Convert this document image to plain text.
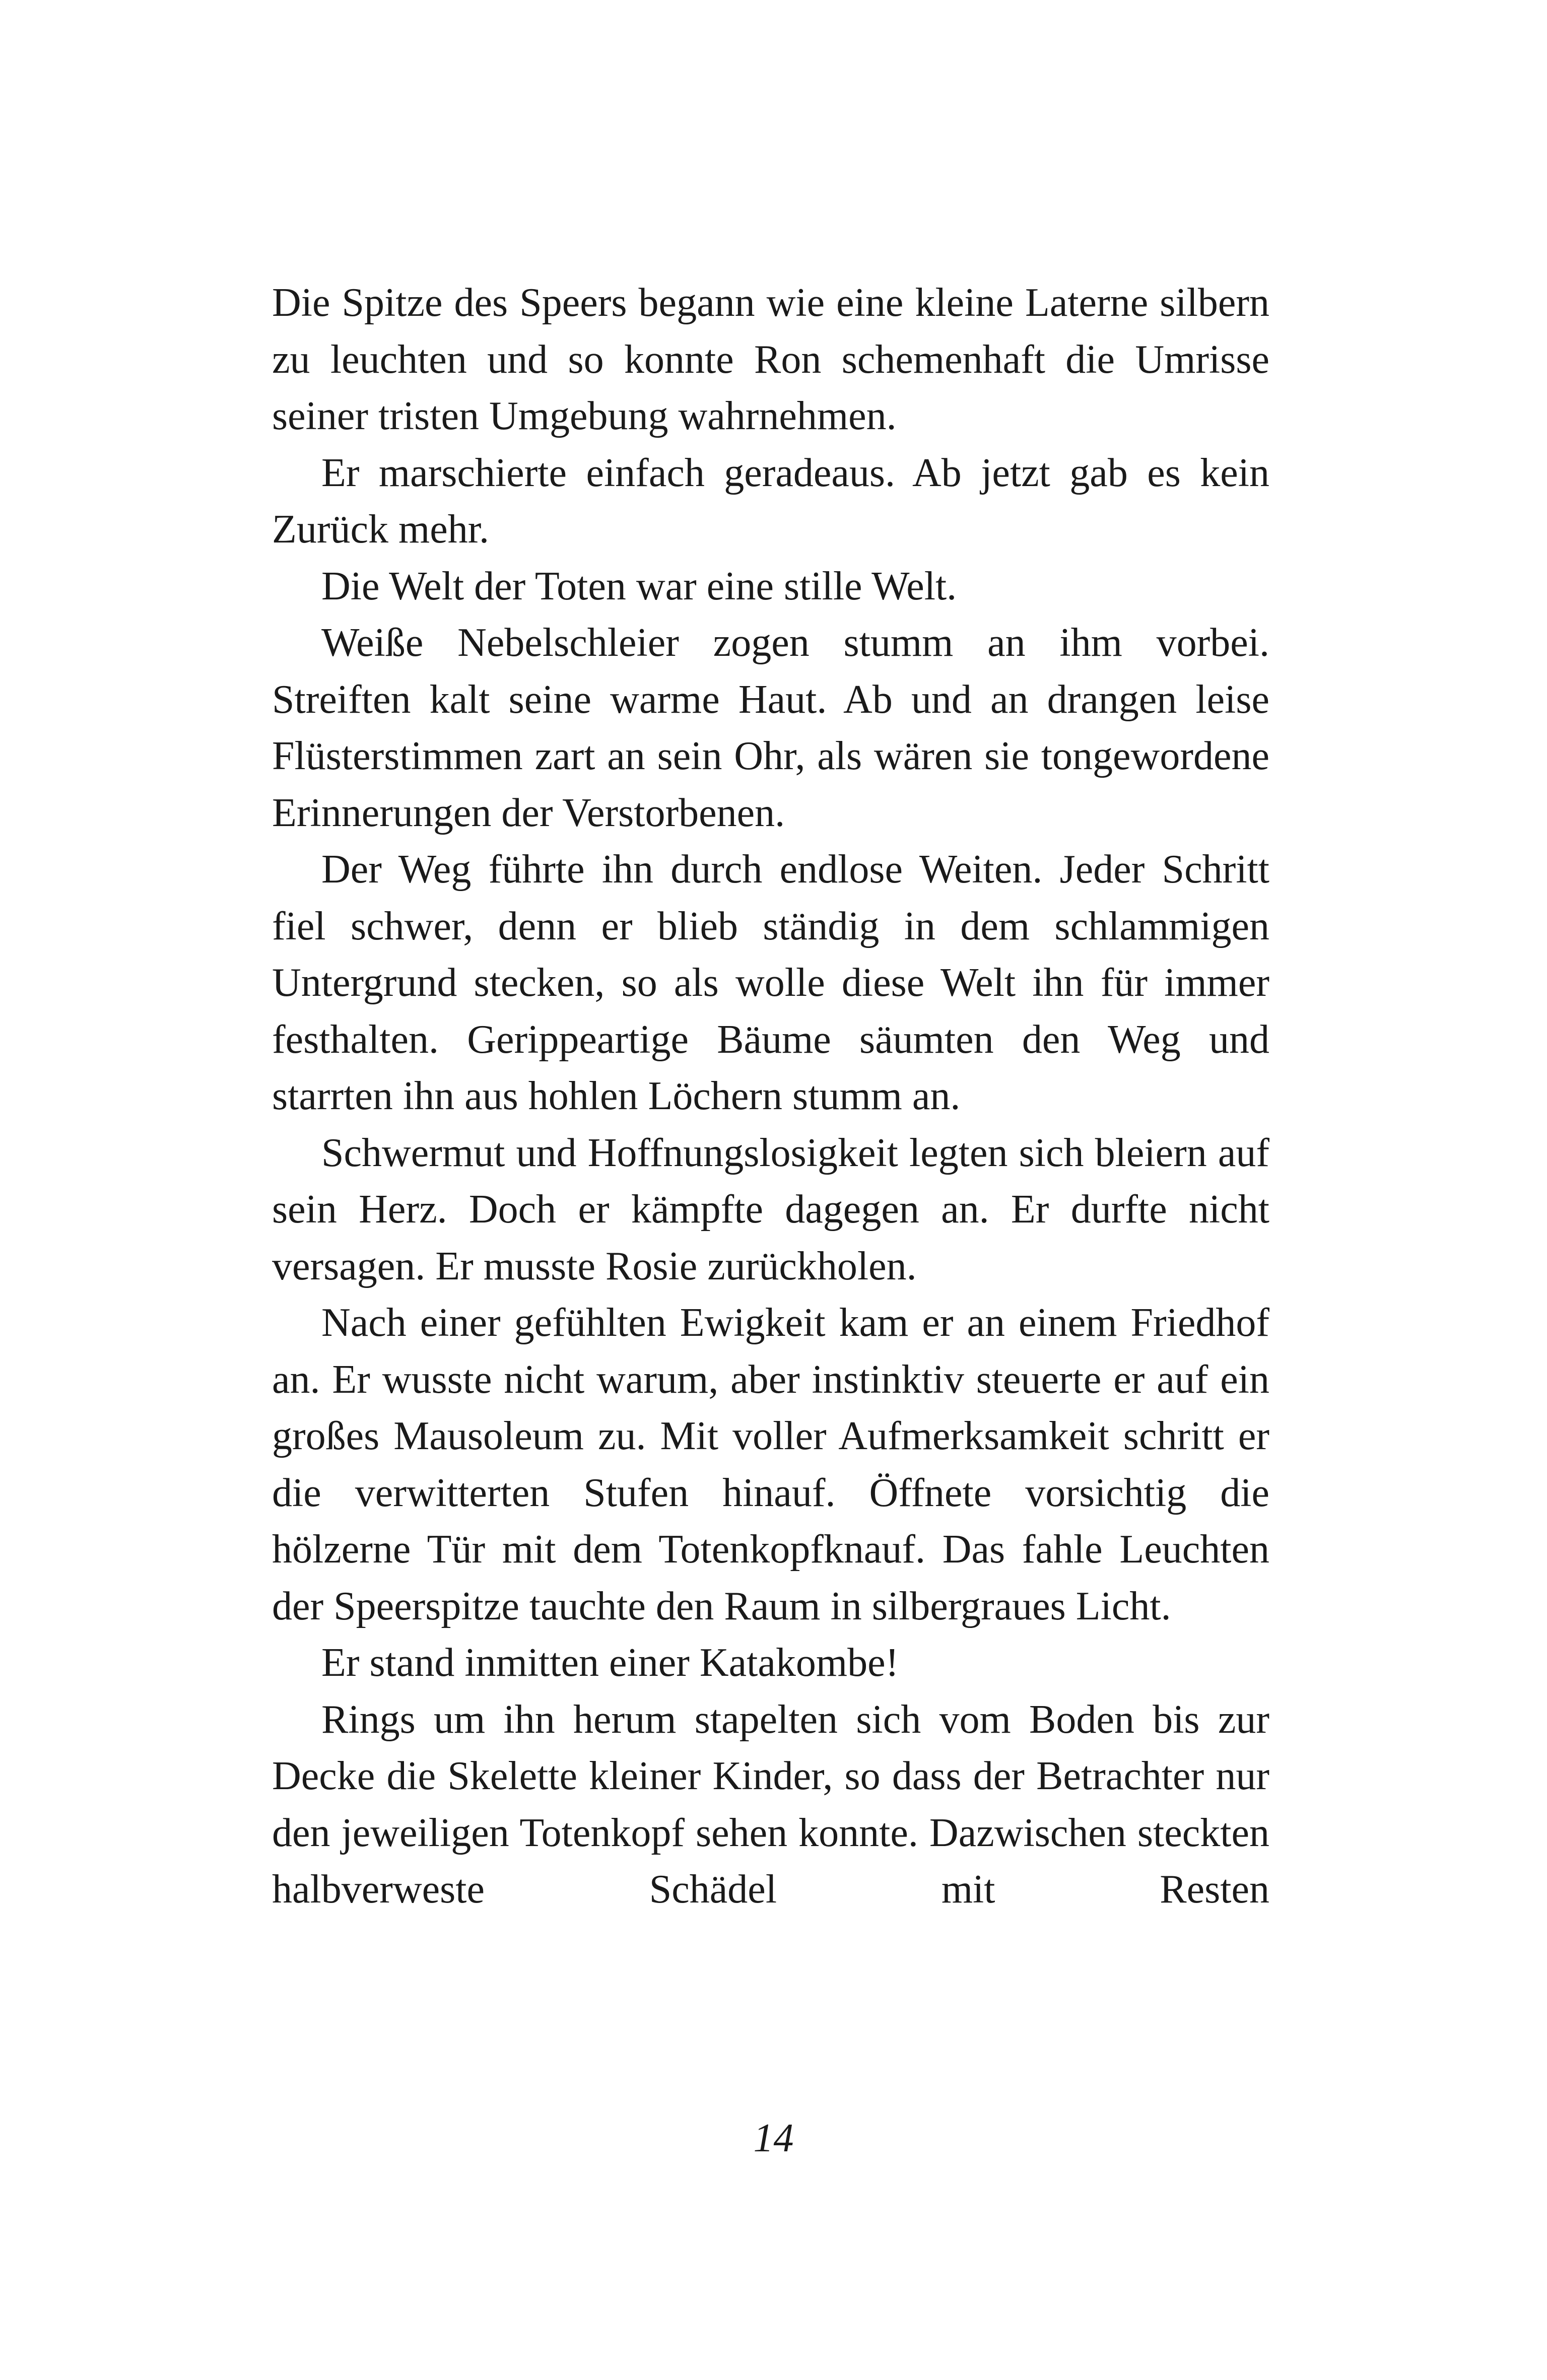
Die Spitze des Speers begann wie eine kleine Laterne silbern zu leuchten und so konnte Ron schemenhaft die Umrisse seiner tristen Umgebung wahrnehmen.

Er marschierte einfach geradeaus. Ab jetzt gab es kein Zurück mehr.

Die Welt der Toten war eine stille Welt.

Weiße Nebelschleier zogen stumm an ihm vorbei. Streiften kalt seine warme Haut. Ab und an drangen leise Flüsterstimmen zart an sein Ohr, als wären sie tongewordene Erinnerungen der Verstorbenen.

Der Weg führte ihn durch endlose Weiten. Jeder Schritt fiel schwer, denn er blieb ständig in dem schlammigen Untergrund stecken, so als wolle diese Welt ihn für immer festhalten. Gerippeartige Bäume säumten den Weg und starrten ihn aus hohlen Löchern stumm an.

Schwermut und Hoffnungslosigkeit legten sich bleiern auf sein Herz. Doch er kämpfte dagegen an. Er durfte nicht versagen. Er musste Rosie zurückholen.

Nach einer gefühlten Ewigkeit kam er an einem Friedhof an. Er wusste nicht warum, aber instinktiv steuerte er auf ein großes Mausoleum zu. Mit voller Aufmerksamkeit schritt er die verwitterten Stufen hinauf. Öffnete vorsichtig die hölzerne Tür mit dem Totenkopfknauf. Das fahle Leuchten der Speerspitze tauchte den Raum in silbergraues Licht.

Er stand inmitten einer Katakombe!

Rings um ihn herum stapelten sich vom Boden bis zur Decke die Skelette kleiner Kinder, so dass der Betrachter nur den jeweiligen Totenkopf sehen konnte. Dazwischen steckten halbverweste Schädel mit Resten

14
